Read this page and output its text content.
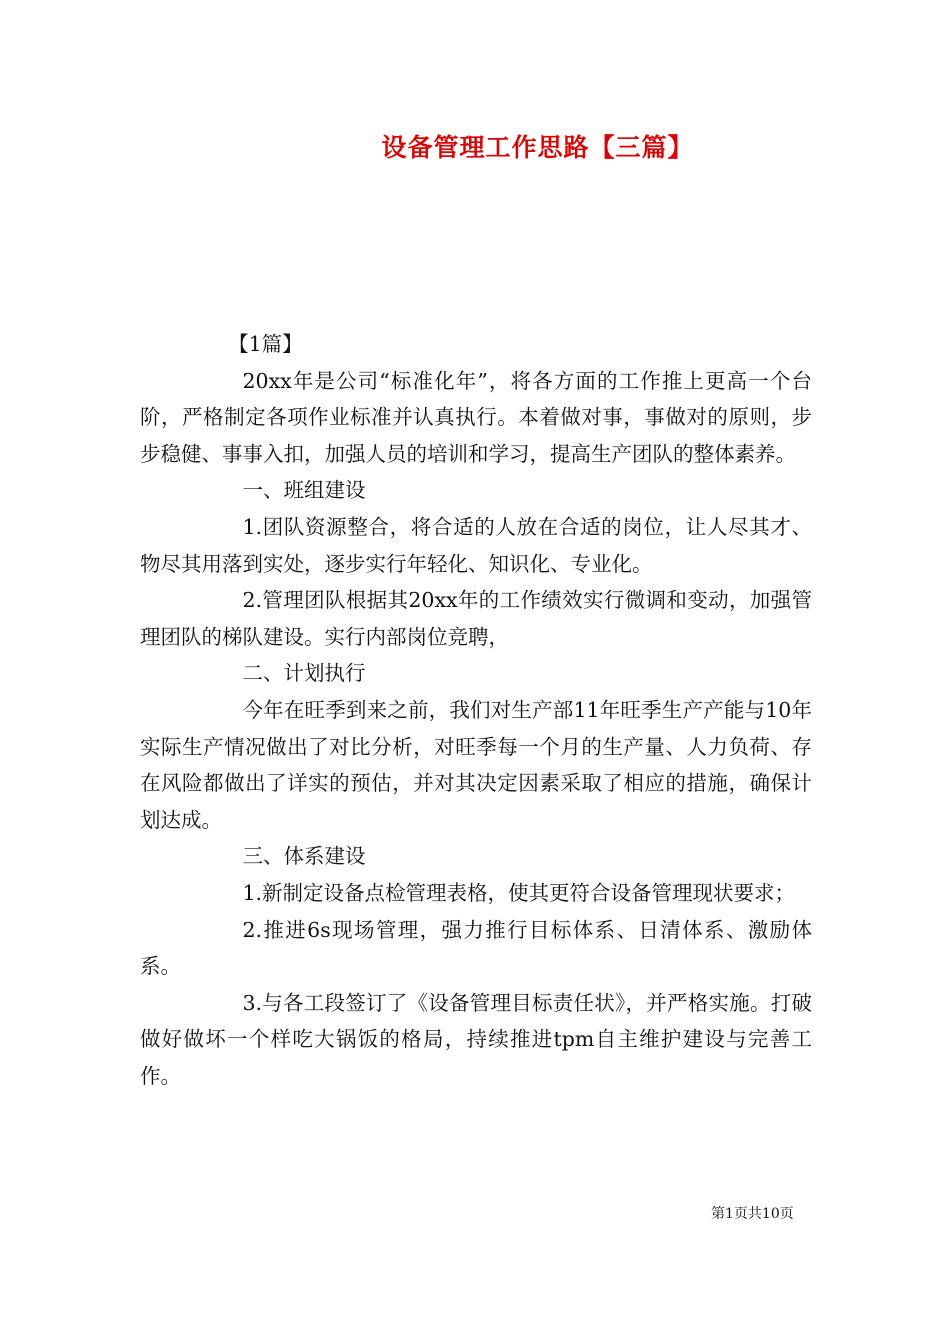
设备管理工作思路【三篇】

【1篇】

20xx年是公司“标准化年”，将各方面的工作推上更高一个台阶，严格制定各项作业标准并认真执行。本着做对事，事做对的原则，步步稳健、事事入扣，加强人员的培训和学习，提高生产团队的整体素养。

一、班组建设

1.团队资源整合，将合适的人放在合适的岗位，让人尽其才、物尽其用落到实处，逐步实行年轻化、知识化、专业化。

2.管理团队根据其20xx年的工作绩效实行微调和变动，加强管理团队的梯队建设。实行内部岗位竞聘，

二、计划执行

今年在旺季到来之前，我们对生产部11年旺季生产产能与10年实际生产情况做出了对比分析，对旺季每一个月的生产量、人力负荷、存在风险都做出了详实的预估，并对其决定因素采取了相应的措施，确保计划达成。

三、体系建设

1.新制定设备点检管理表格，使其更符合设备管理现状要求；

2.推进6s现场管理，强力推行目标体系、日清体系、激励体系。

3.与各工段签订了《设备管理目标责任状》，并严格实施。打破做好做坏一个样吃大锅饭的格局，持续推进tpm自主维护建设与完善工作。

第1页共10页
